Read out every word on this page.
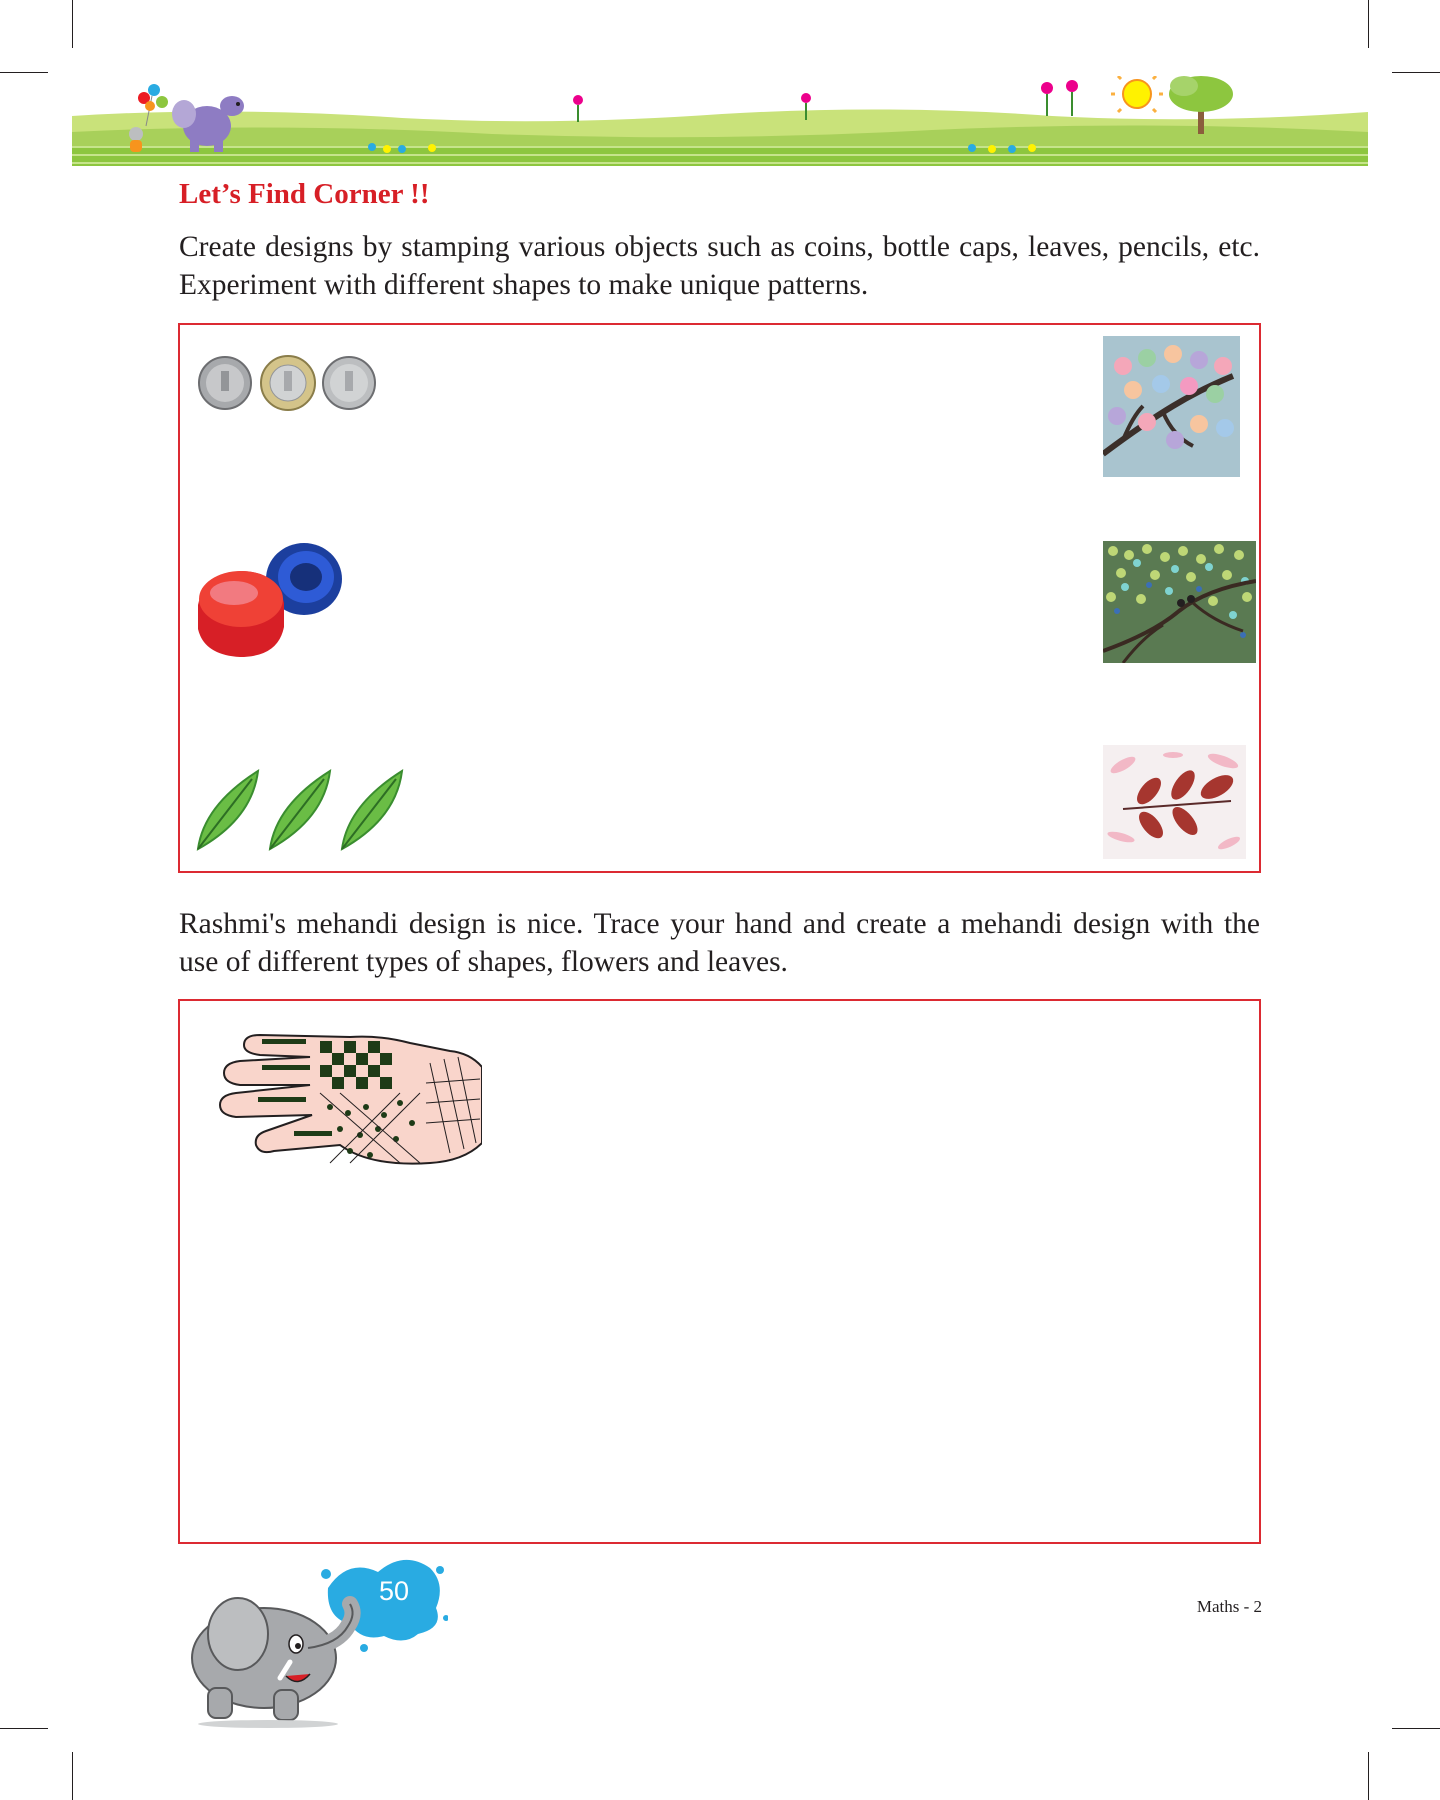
Let’s Find Corner !!

Create designs by stamping various objects such as coins, bottle caps, leaves, pencils, etc. Experiment with different shapes to make unique patterns.

Rashmi's mehandi design is nice. Trace your hand and create a mehandi design with the use of different types of shapes, flowers and leaves.

50
Maths - 2
